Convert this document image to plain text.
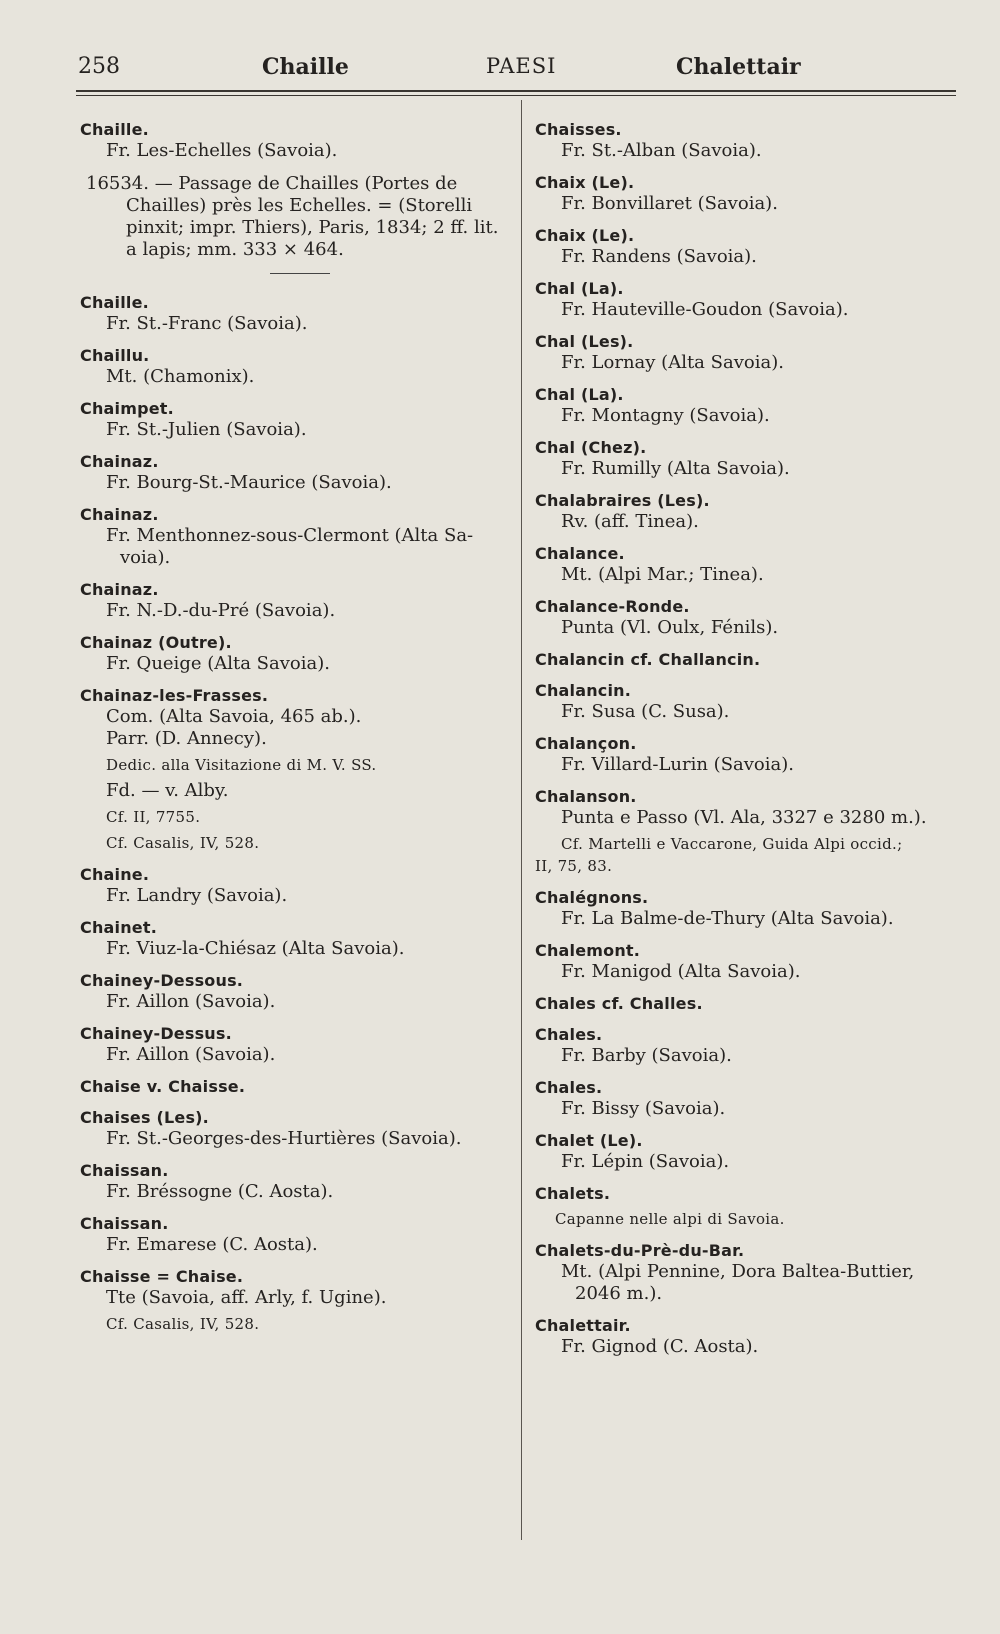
258	Chaille	PAESI	Chalettair
Chaille.
Fr. Les-Echelles (Savoia).
16534. — Passage de Chailles (Portes de Chailles) près les Echelles. = (Storelli pinxit; impr. Thiers), Paris, 1834; 2 ff. lit. a lapis; mm. 333 × 464.
Chaille.
Fr. St.-Franc (Savoia).
Chaillu.
Mt. (Chamonix).
Chaimpet.
Fr. St.-Julien (Savoia).
Chainaz.
Fr. Bourg-St.-Maurice (Savoia).
Chainaz.
Fr. Menthonnez-sous-Clermont (Alta Sa-
voia).
Chainaz.
Fr. N.-D.-du-Pré (Savoia).
Chainaz (Outre).
Fr. Queige (Alta Savoia).
Chainaz-les-Frasses.
Com. (Alta Savoia, 465 ab.).
Parr. (D. Annecy).
Dedic. alla Visitazione di M. V. SS.
Fd. — v. Alby.
Cf. II, 7755.
Cf. Casalis, IV, 528.
Chaine.
Fr. Landry (Savoia).
Chainet.
Fr. Viuz-la-Chiésaz (Alta Savoia).
Chainey-Dessous.
Fr. Aillon (Savoia).
Chainey-Dessus.
Fr. Aillon (Savoia).
Chaise v. Chaisse.
Chaises (Les).
Fr. St.-Georges-des-Hurtières (Savoia).
Chaissan.
Fr. Bréssogne (C. Aosta).
Chaissan.
Fr. Emarese (C. Aosta).
Chaisse = Chaise.
Tte (Savoia, aff. Arly, f. Ugine).
Cf. Casalis, IV, 528.
Chaisses.
Fr. St.-Alban (Savoia).
Chaix (Le).
Fr. Bonvillaret (Savoia).
Chaix (Le).
Fr. Randens (Savoia).
Chal (La).
Fr. Hauteville-Goudon (Savoia).
Chal (Les).
Fr. Lornay (Alta Savoia).
Chal (La).
Fr. Montagny (Savoia).
Chal (Chez).
Fr. Rumilly (Alta Savoia).
Chalabraires (Les).
Rv. (aff. Tinea).
Chalance.
Mt. (Alpi Mar.; Tinea).
Chalance-Ronde.
Punta (Vl. Oulx, Fénils).
Chalancin cf. Challancin.
Chalancin.
Fr. Susa (C. Susa).
Chalançon.
Fr. Villard-Lurin (Savoia).
Chalanson.
Punta e Passo (Vl. Ala, 3327 e 3280 m.).
Cf. Martelli e Vaccarone, Guida Alpi occid.;
II, 75, 83.
Chalégnons.
Fr. La Balme-de-Thury (Alta Savoia).
Chalemont.
Fr. Manigod (Alta Savoia).
Chales cf. Challes.
Chales.
Fr. Barby (Savoia).
Chales.
Fr. Bissy (Savoia).
Chalet (Le).
Fr. Lépin (Savoia).
Chalets.
Capanne nelle alpi di Savoia.
Chalets-du-Prè-du-Bar.
Mt. (Alpi Pennine, Dora Baltea-Buttier,
2046 m.).
Chalettair.
Fr. Gignod (C. Aosta).
